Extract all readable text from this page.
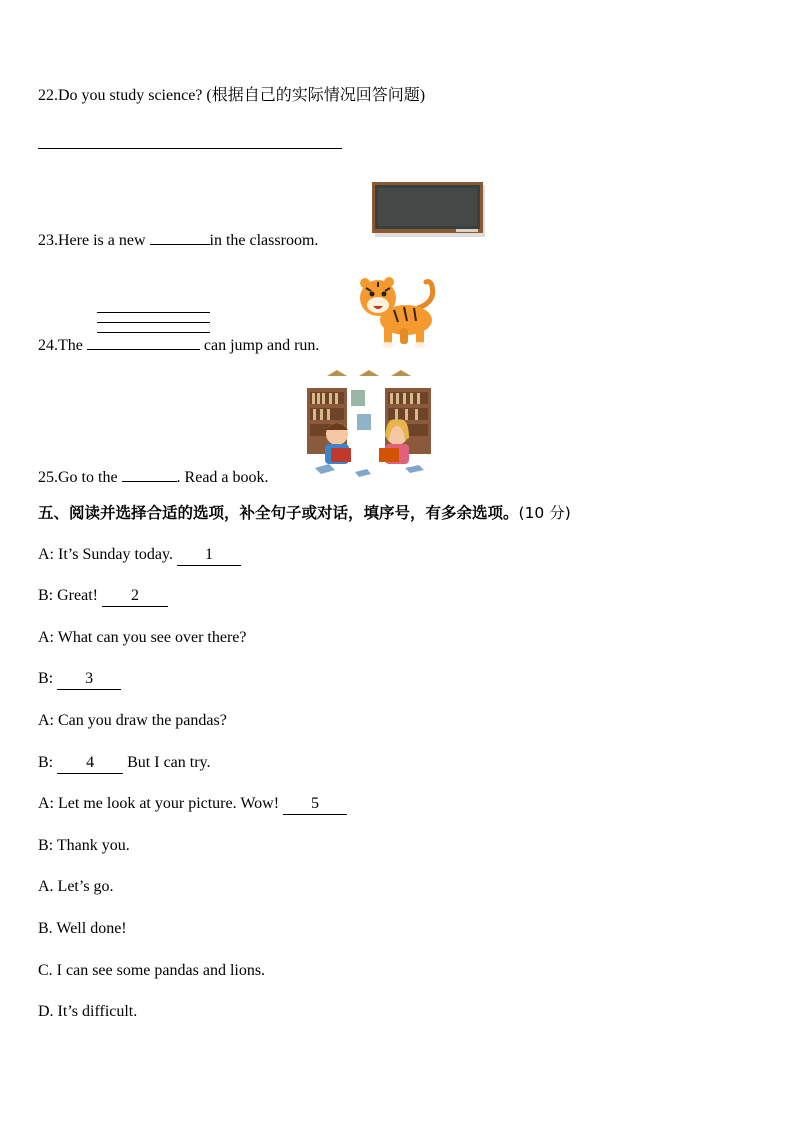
22.Do you study science? (根据自己的实际情况回答问题)
23.Here is a new	in the classroom.
24.The	can jump and run.
25.Go to the	. Read a book.
五、阅读并选择合适的选项，补全句子或对话，填序号，有多余选项。(10 分)
A: It’s Sunday today. 1
B: Great! 2
A: What can you see over there?
B: 3
A: Can you draw the pandas?
B: 4 But I can try.
A: Let me look at your picture. Wow! 5
B: Thank you.
A. Let’s go.
B. Well done!
C. I can see some pandas and lions.
D. It’s difficult.
